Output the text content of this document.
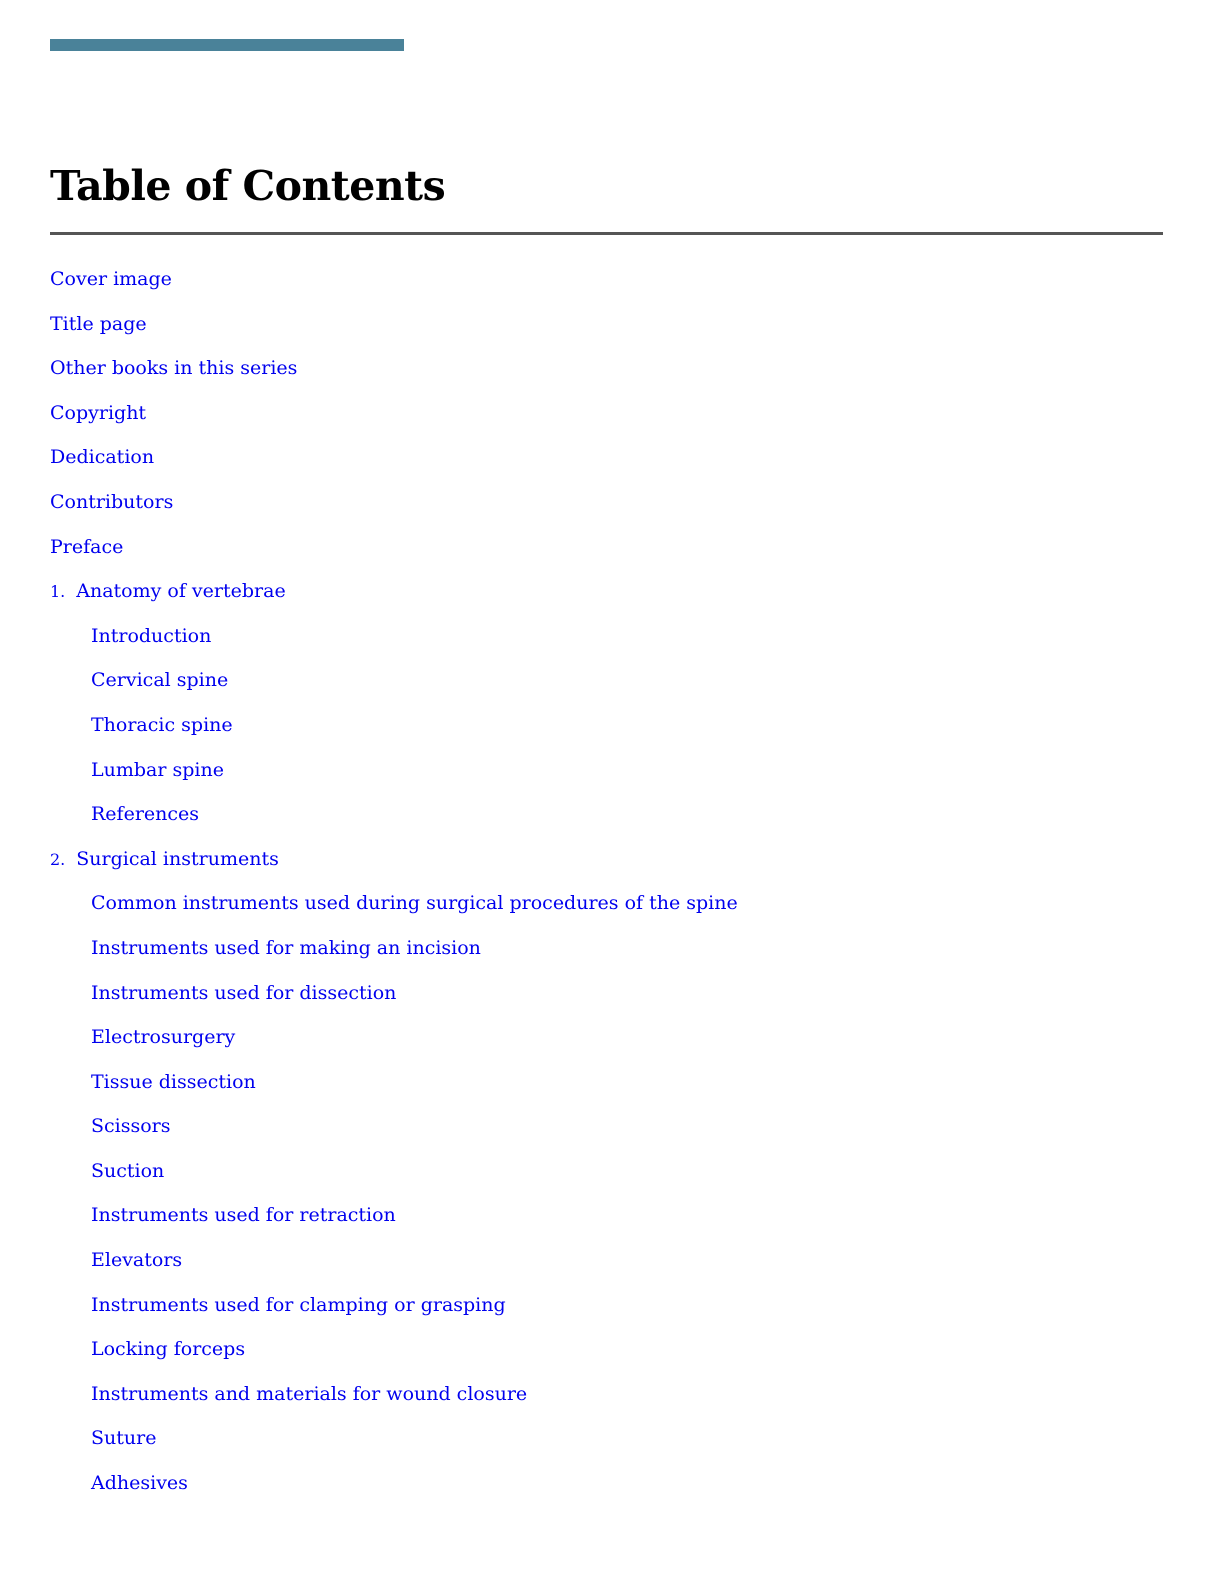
Table of Contents
Cover image
Title page
Other books in this series
Copyright
Dedication
Contributors
Preface
1. Anatomy of vertebrae
Introduction
Cervical spine
Thoracic spine
Lumbar spine
References
2. Surgical instruments
Common instruments used during surgical procedures of the spine
Instruments used for making an incision
Instruments used for dissection
Electrosurgery
Tissue dissection
Scissors
Suction
Instruments used for retraction
Elevators
Instruments used for clamping or grasping
Locking forceps
Instruments and materials for wound closure
Suture
Adhesives
